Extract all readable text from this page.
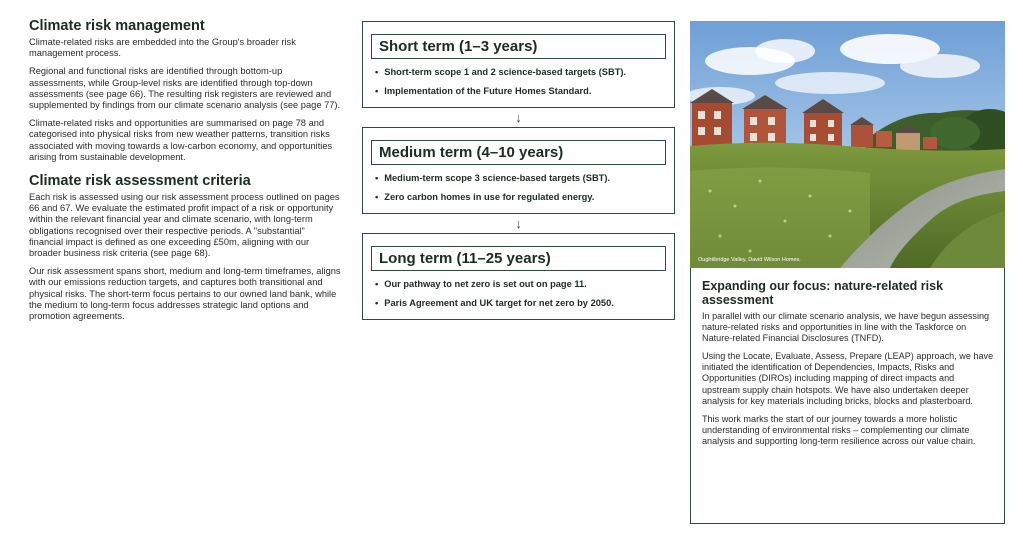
Climate risk management

Climate-related risks are embedded into the Group's broader risk management process.

Regional and functional risks are identified through bottom-up assessments, while Group-level risks are identified through top-down assessments (see page 66). The resulting risk registers are reviewed and supplemented by findings from our climate scenario analysis (see page 77).

Climate-related risks and opportunities are summarised on page 78 and categorised into physical risks from new weather patterns, transition risks associated with moving towards a low-carbon economy, and opportunities arising from sustainable development.

Climate risk assessment criteria

Each risk is assessed using our risk assessment process outlined on pages 66 and 67. We evaluate the estimated profit impact of a risk or opportunity within the relevant financial year and climate scenario, with long-term obligations recognised over their respective periods. A "substantial" financial impact is defined as one exceeding £50m, aligning with our broader business risk criteria (see page 68).

Our risk assessment spans short, medium and long-term timeframes, aligns with our emissions reduction targets, and captures both transitional and physical risks. The short-term focus pertains to our owned land bank, while the medium to long-term focus addresses strategic land options and promotion agreements.

Short term (1–3 years)
• Short-term scope 1 and 2 science-based targets (SBT).
• Implementation of the Future Homes Standard.
↓
Medium term (4–10 years)
• Medium-term scope 3 science-based targets (SBT).
• Zero carbon homes in use for regulated energy.
↓
Long term (11–25 years)
• Our pathway to net zero is set out on page 11.
• Paris Agreement and UK target for net zero by 2050.
Oughtibridge Valley, David Wilson Homes.
Expanding our focus: nature-related risk assessment

In parallel with our climate scenario analysis, we have begun assessing nature-related risks and opportunities in line with the Taskforce on Nature-related Financial Disclosures (TNFD).

Using the Locate, Evaluate, Assess, Prepare (LEAP) approach, we have initiated the identification of Dependencies, Impacts, Risks and Opportunities (DIROs) including mapping of direct impacts and upstream supply chain hotspots. We have also undertaken deeper analysis for key materials including bricks, blocks and plasterboard.

This work marks the start of our journey towards a more holistic understanding of environmental risks – complementing our climate analysis and supporting long-term resilience across our value chain.
